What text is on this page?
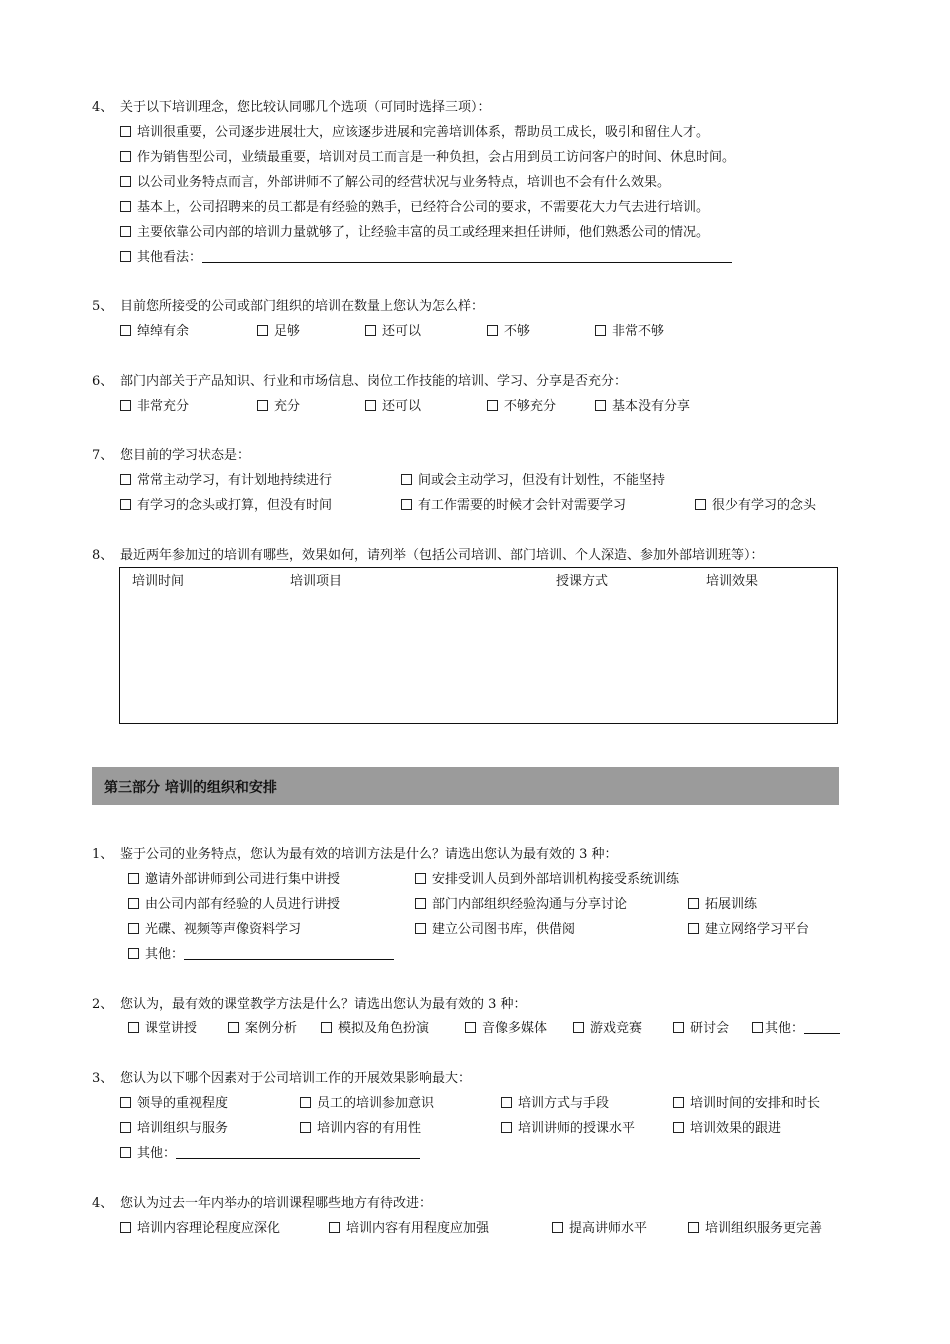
4、 关于以下培训理念，您比较认同哪几个选项（可同时选择三项）：
培训很重要，公司逐步进展壮大，应该逐步进展和完善培训体系，帮助员工成长，吸引和留住人才。
作为销售型公司，业绩最重要，培训对员工而言是一种负担，会占用到员工访问客户的时间、休息时间。
以公司业务特点而言，外部讲师不了解公司的经营状况与业务特点，培训也不会有什么效果。
基本上，公司招聘来的员工都是有经验的熟手，已经符合公司的要求，不需要花大力气去进行培训。
主要依靠公司内部的培训力量就够了，让经验丰富的员工或经理来担任讲师，他们熟悉公司的情况。
其他看法：
5、 目前您所接受的公司或部门组织的培训在数量上您认为怎么样：
绰绰有余	足够	还可以	不够	非常不够
6、 部门内部关于产品知识、行业和市场信息、岗位工作技能的培训、学习、分享是否充分：
非常充分	充分	还可以	不够充分	基本没有分享
7、 您目前的学习状态是：
常常主动学习，有计划地持续进行	间或会主动学习，但没有计划性，不能坚持
有学习的念头或打算，但没有时间	有工作需要的时候才会针对需要学习	很少有学习的念头
8、 最近两年参加过的培训有哪些，效果如何，请列举（包括公司培训、部门培训、个人深造、参加外部培训班等）：
培训时间	培训项目	授课方式	培训效果
第三部分 培训的组织和安排
1、 鉴于公司的业务特点，您认为最有效的培训方法是什么？请选出您认为最有效的 3 种：
邀请外部讲师到公司进行集中讲授	安排受训人员到外部培训机构接受系统训练
由公司内部有经验的人员进行讲授	部门内部组织经验沟通与分享讨论	拓展训练
光碟、视频等声像资料学习	建立公司图书库，供借阅	建立网络学习平台
其他：
2、 您认为，最有效的课堂教学方法是什么？请选出您认为最有效的 3 种：
课堂讲授	案例分析	模拟及角色扮演	音像多媒体	游戏竞赛	研讨会	其他：
3、 您认为以下哪个因素对于公司培训工作的开展效果影响最大：
领导的重视程度	员工的培训参加意识	培训方式与手段	培训时间的安排和时长
培训组织与服务	培训内容的有用性	培训讲师的授课水平	培训效果的跟进
其他：
4、 您认为过去一年内举办的培训课程哪些地方有待改进：
培训内容理论程度应深化	培训内容有用程度应加强	提高讲师水平	培训组织服务更完善
